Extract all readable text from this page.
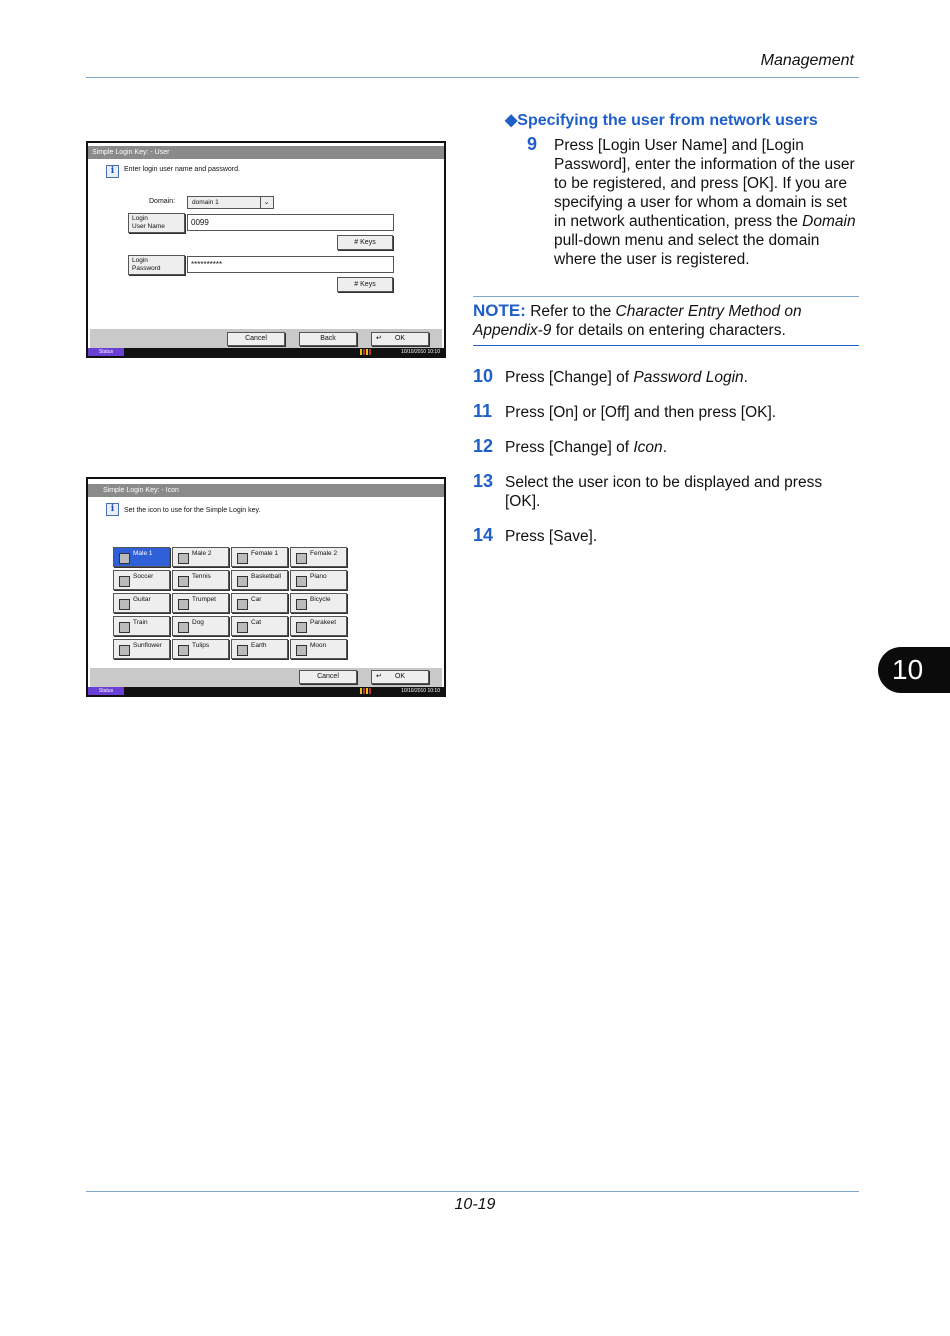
Management
Simple Login Key: - User
i	Enter login user name and password.
Domain:	domain 1	⌄
Login
User Name	0099
# Keys
Login
Password	**********
# Keys
Cancel	Back	↵ OK
Status	10/10/2010 10:10
Simple Login Key: - Icon
i	Set the icon to use for the Simple Login key.
Male 1	Male 2	Female 1	Female 2
Soccer	Tennis	Basketball	Piano
Guitar	Trumpet	Car	Bicycle
Train	Dog	Cat	Parakeet
Sunflower	Tulips	Earth	Moon
Cancel	↵ OK
Status	10/10/2010 10:10
◆Specifying the user from network users
9 Press [Login User Name] and [Login
Password], enter the information of the user
to be registered, and press [OK]. If you are
specifying a user for whom a domain is set
in network authentication, press the Domain
pull-down menu and select the domain
where the user is registered.
NOTE: Refer to the Character Entry Method on Appendix-9 for details on entering characters.
10 Press [Change] of Password Login.
11 Press [On] or [Off] and then press [OK].
12 Press [Change] of Icon.
13 Select the user icon to be displayed and press
[OK].
14 Press [Save].
10
10-19
